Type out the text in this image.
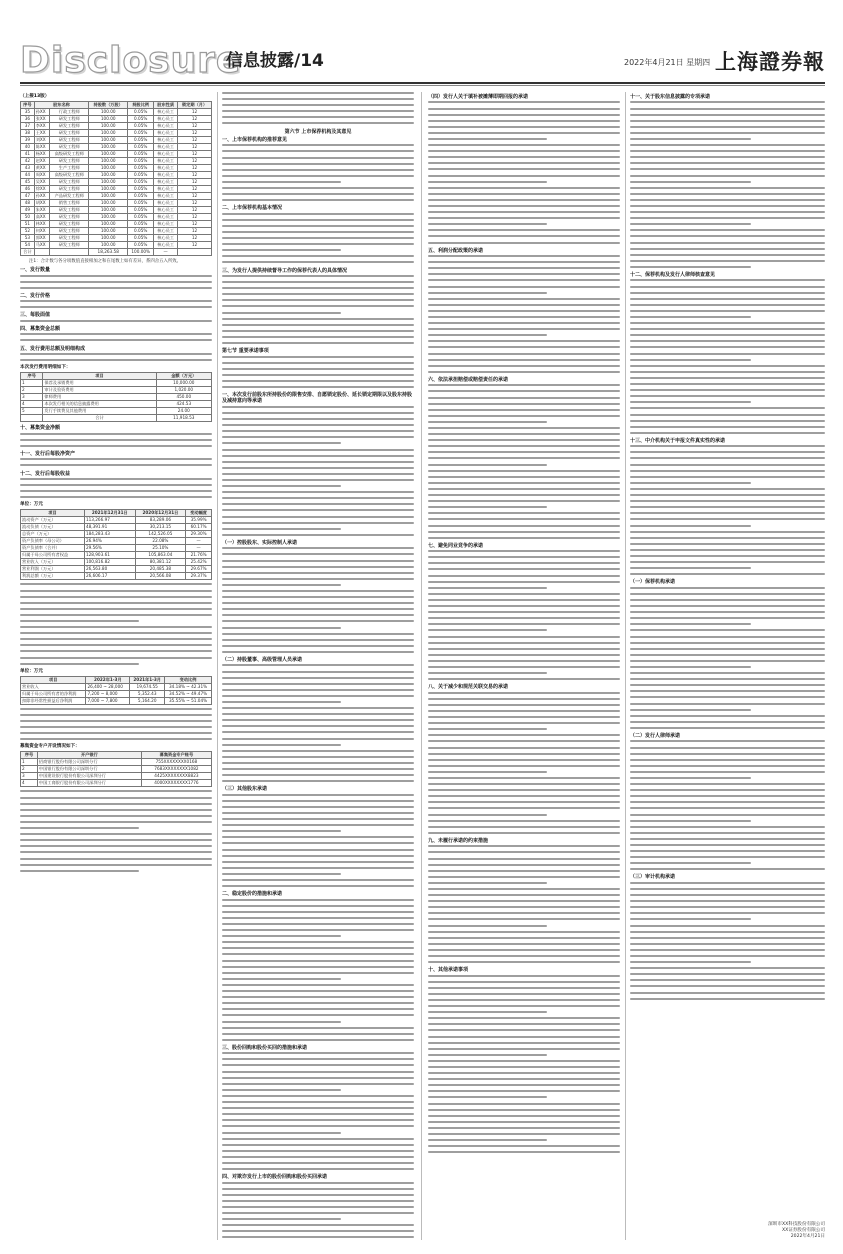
Disclosure
信息披露/14	2022年4月21日 星期四 上海證券報
（上接13版）
序号	股东名称		持股数（万股）	持股比例	股东性质	锁定期（月）
35	孙XX	行政工程师	100.00	0.05%	核心员工	12
36	张XX	研发工程师	100.00	0.05%	核心员工	12
37	李XX	研发工程师	100.00	0.05%	核心员工	12
38	王XX	研发工程师	100.00	0.05%	核心员工	12
39	刘XX	研发工程师	100.00	0.05%	核心员工	12
40	陈XX	研发工程师	100.00	0.05%	核心员工	12
41	杨XX	高级研发工程师	100.00	0.05%	核心员工	12
42	赵XX	研发工程师	100.00	0.05%	核心员工	12
43	黄XX	生产工程师	100.00	0.05%	核心员工	12
44	周XX	高级研发工程师	100.00	0.05%	核心员工	12
45	吴XX	研发工程师	100.00	0.05%	核心员工	12
46	徐XX	研发工程师	100.00	0.05%	核心员工	12
47	孙XX	产品研发工程师	100.00	0.05%	核心员工	12
48	胡XX	销售工程师	100.00	0.05%	核心员工	12
49	朱XX	研发工程师	100.00	0.05%	核心员工	12
50	高XX	研发工程师	100.00	0.05%	核心员工	12
51	林XX	研发工程师	100.00	0.05%	核心员工	12
52	何XX	研发工程师	100.00	0.05%	核心员工	12
53	郭XX	研发工程师	100.00	0.05%	核心员工	12
54	马XX	研发工程师	100.00	0.05%	核心员工	12
合计			18,263.58	100.00%	—	

注1：合计数与各分项数值直接相加之和在尾数上如有差异，系四舍五入所致。

一、发行数量
二、发行价格
三、每股面值
四、募集资金总额
五、发行费用总额及明细构成
本次发行费用明细如下：
序号	项目	金额（万元）
1	保荐及承销费用	10,000.00
2	审计及验资费用	1,020.00
3	律师费用	450.00
4	本次发行相关的信息披露费用	424.53
5	发行手续费及其他费用	24.00
	合计	11,918.53
十、募集资金净额
十一、发行后每股净资产
十二、发行后每股收益
单位：万元
项目	2021年12月31日	2020年12月31日	变动幅度
流动资产（万元）	113,266.97	83,289.06	35.99%
流动负债（万元）	48,391.91	30,213.15	60.17%
总资产（万元）	184,283.43	142,526.05	29.30%
资产负债率（母公司）	26.94%	22.08%	—
资产负债率（合并）	29.56%	25.10%	—
归属于母公司所有者权益	128,903.61	105,863.04	21.76%
营业收入（万元）	100,816.82	80,381.12	25.42%
营业利润（万元）	26,563.80	20,485.38	29.67%
利润总额（万元）	26,606.17	20,566.08	29.37%
单位：万元
项目	2022年1-3月	2021年1-3月	变动比例
营业收入	26,400 ~ 28,000	19,674.55	34.18% ~ 42.31%
归属于母公司所有者的净利润	7,200 ~ 8,000	5,352.43	34.52% ~ 49.47%
扣除非经常性损益后净利润	7,000 ~ 7,800	5,164.20	35.55% ~ 51.04%
募集资金专户开设情况如下：
序号	开户银行	募集资金专户账号
1	招商银行股份有限公司深圳分行	755XXXXXXXX0168
2	中国银行股份有限公司深圳分行	7683XXXXXXXX1082
3	中国建设银行股份有限公司深圳分行	4425XXXXXXXX8823
4	中国工商银行股份有限公司深圳分行	4000XXXXXXXX1776
第六节 上市保荐机构及其意见
一、上市保荐机构的推荐意见
二、上市保荐机构基本情况
三、为发行人提供持续督导工作的保荐代表人的具体情况
第七节 重要承诺事项
一、本次发行前股东所持股份的限售安排、自愿锁定股份、延长锁定期限以及股东持股及减持意向等承诺
（一）控股股东、实际控制人承诺
（二）持股董事、高级管理人员承诺
（三）其他股东承诺
二、稳定股价的措施和承诺
三、股份回购和股份买回的措施和承诺
四、对欺诈发行上市的股份回购和股份买回承诺
（四）发行人关于填补被摊薄即期回报的承诺
五、利润分配政策的承诺
六、依法承担赔偿或赔偿责任的承诺
七、避免同业竞争的承诺
八、关于减少和规范关联交易的承诺
九、未履行承诺的约束措施
十、其他承诺事项
十一、关于股东信息披露的专项承诺
十二、保荐机构及发行人律师核查意见
十三、中介机构关于申报文件真实性的承诺
（一）保荐机构承诺
（二）发行人律师承诺
（三）审计机构承诺
深圳市XX科技股份有限公司
XX证券股份有限公司
2022年4月21日
